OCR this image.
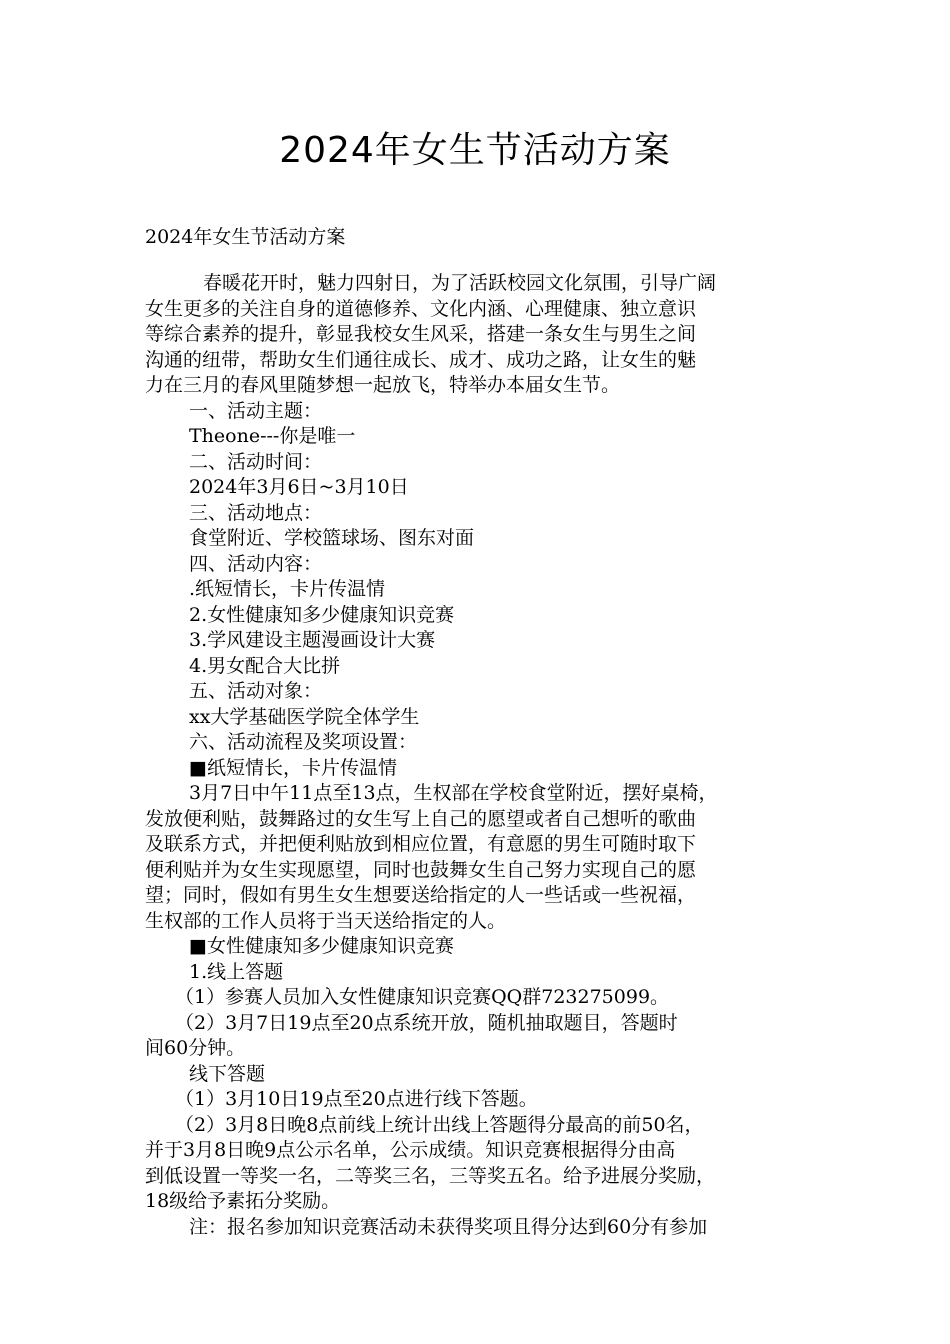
2024年女生节活动方案

2024年女生节活动方案

春暖花开时，魅力四射日，为了活跃校园文化氛围，引导广阔

女生更多的关注自身的道德修养、文化内涵、心理健康、独立意识

等综合素养的提升，彰显我校女生风采，搭建一条女生与男生之间

沟通的纽带，帮助女生们通往成长、成才、成功之路，让女生的魅

力在三月的春风里随梦想一起放飞，特举办本届女生节。

一、活动主题：

Theone---你是唯一

二、活动时间：

2024年3月6日~3月10日

三、活动地点：

食堂附近、学校篮球场、图东对面

四、活动内容：

.纸短情长，卡片传温情

2.女性健康知多少健康知识竞赛

3.学风建设主题漫画设计大赛

4.男女配合大比拼

五、活动对象：

xx大学基础医学院全体学生

六、活动流程及奖项设置：

■纸短情长，卡片传温情

3月7日中午11点至13点，生权部在学校食堂附近，摆好桌椅，

发放便利贴，鼓舞路过的女生写上自己的愿望或者自己想听的歌曲

及联系方式，并把便利贴放到相应位置，有意愿的男生可随时取下

便利贴并为女生实现愿望，同时也鼓舞女生自己努力实现自己的愿

望；同时，假如有男生女生想要送给指定的人一些话或一些祝福，

生权部的工作人员将于当天送给指定的人。

■女性健康知多少健康知识竞赛

1.线上答题

（1）参赛人员加入女性健康知识竞赛QQ群723275099。

（2）3月7日19点至20点系统开放，随机抽取题目，答题时

间60分钟。

线下答题

（1）3月10日19点至20点进行线下答题。

（2）3月8日晚8点前线上统计出线上答题得分最高的前50名，

并于3月8日晚9点公示名单，公示成绩。知识竞赛根据得分由高

到低设置一等奖一名，二等奖三名，三等奖五名。给予进展分奖励，

18级给予素拓分奖励。

注：报名参加知识竞赛活动未获得奖项且得分达到60分有参加
